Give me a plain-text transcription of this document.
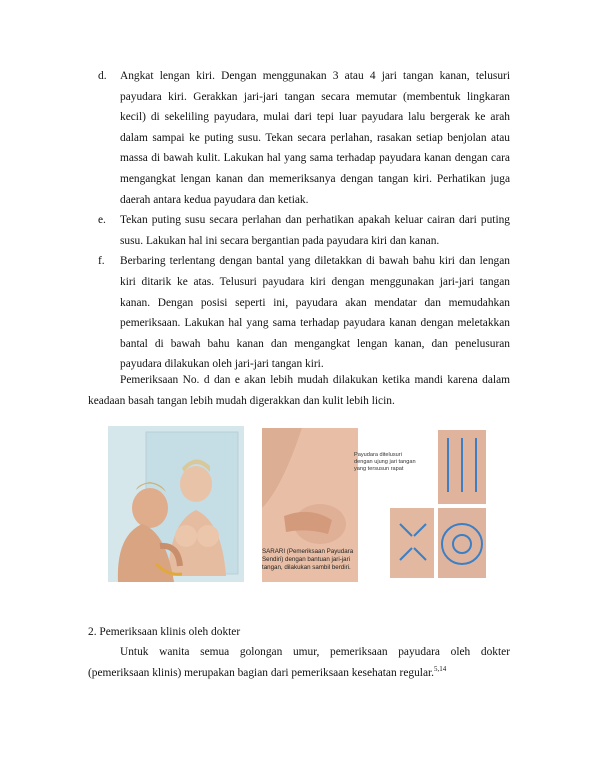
d. Angkat lengan kiri. Dengan menggunakan 3 atau 4 jari tangan kanan, telusuri payudara kiri. Gerakkan jari-jari tangan secara memutar (membentuk lingkaran kecil) di sekeliling payudara, mulai dari tepi luar payudara lalu bergerak ke arah dalam sampai ke puting susu. Tekan secara perlahan, rasakan setiap benjolan atau massa di bawah kulit. Lakukan hal yang sama terhadap payudara kanan dengan cara mengangkat lengan kanan dan memeriksanya dengan tangan kiri. Perhatikan juga daerah antara kedua payudara dan ketiak.
e. Tekan puting susu secara perlahan dan perhatikan apakah keluar cairan dari puting susu. Lakukan hal ini secara bergantian pada payudara kiri dan kanan.
f. Berbaring terlentang dengan bantal yang diletakkan di bawah bahu kiri dan lengan kiri ditarik ke atas. Telusuri payudara kiri dengan menggunakan jari-jari tangan kanan. Dengan posisi seperti ini, payudara akan mendatar dan memudahkan pemeriksaan. Lakukan hal yang sama terhadap payudara kanan dengan meletakkan bantal di bawah bahu kanan dan mengangkat lengan kanan, dan penelusuran payudara dilakukan oleh jari-jari tangan kiri.
Pemeriksaan No. d dan e akan lebih mudah dilakukan ketika mandi karena dalam keadaan basah tangan lebih mudah digerakkan dan kulit lebih licin.
Payudara ditelusuri dengan ujung jari tangan yang tersusun rapat
SARARI (Pemeriksaan Payudara Sendiri) dengan bantuan jari-jari tangan, dilakukan sambil berdiri.
2. Pemeriksaan klinis oleh dokter
Untuk wanita semua golongan umur, pemeriksaan payudara oleh dokter (pemeriksaan klinis) merupakan bagian dari pemeriksaan kesehatan regular.$^{5,14}$
